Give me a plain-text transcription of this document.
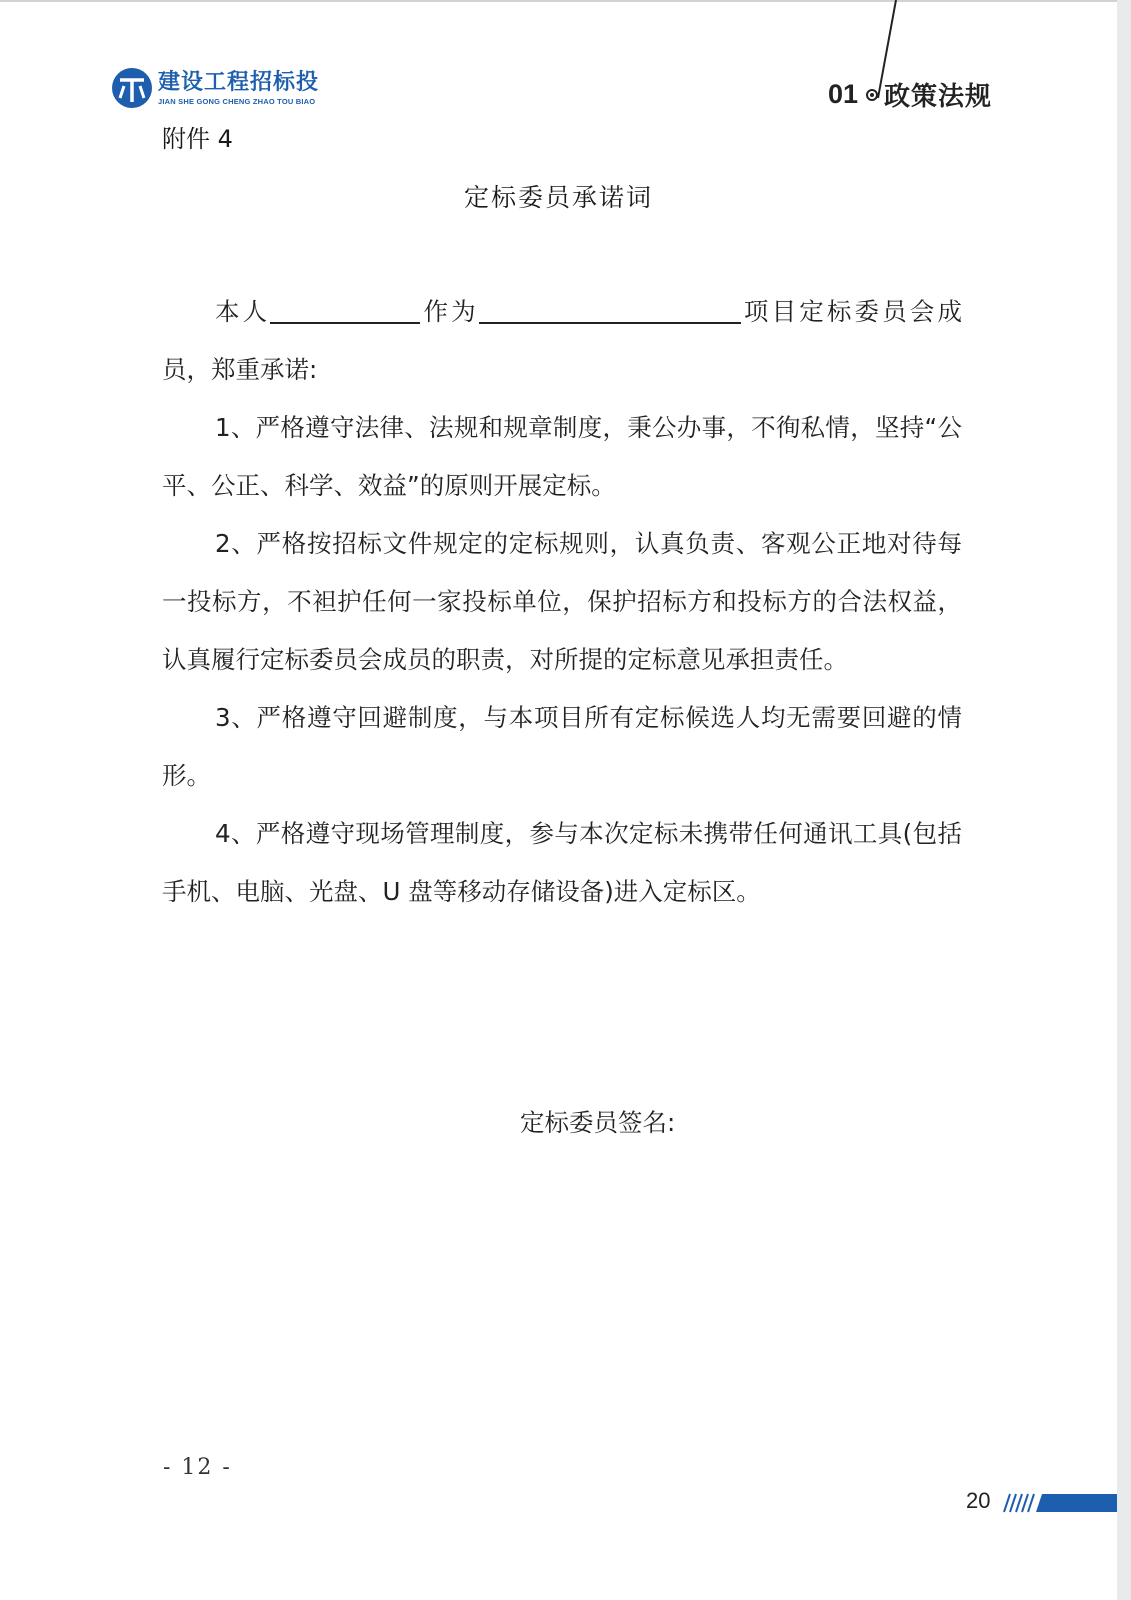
建设工程招标投
JIAN SHE GONG CHENG ZHAO TOU BIAO	01 政策法规
附件 4
定标委员承诺词

本人	作为	项目定标委员会成员，郑重承诺:

1、严格遵守法律、法规和规章制度，秉公办事，不徇私情，坚持“公平、公正、科学、效益”的原则开展定标。

2、严格按招标文件规定的定标规则，认真负责、客观公正地对待每一投标方，不袒护任何一家投标单位，保护招标方和投标方的合法权益，认真履行定标委员会成员的职责，对所提的定标意见承担责任。

3、严格遵守回避制度，与本项目所有定标候选人均无需要回避的情形。

4、严格遵守现场管理制度，参与本次定标未携带任何通讯工具(包括手机、电脑、光盘、U 盘等移动存储设备)进入定标区。

定标委员签名:
- 12 -
20
